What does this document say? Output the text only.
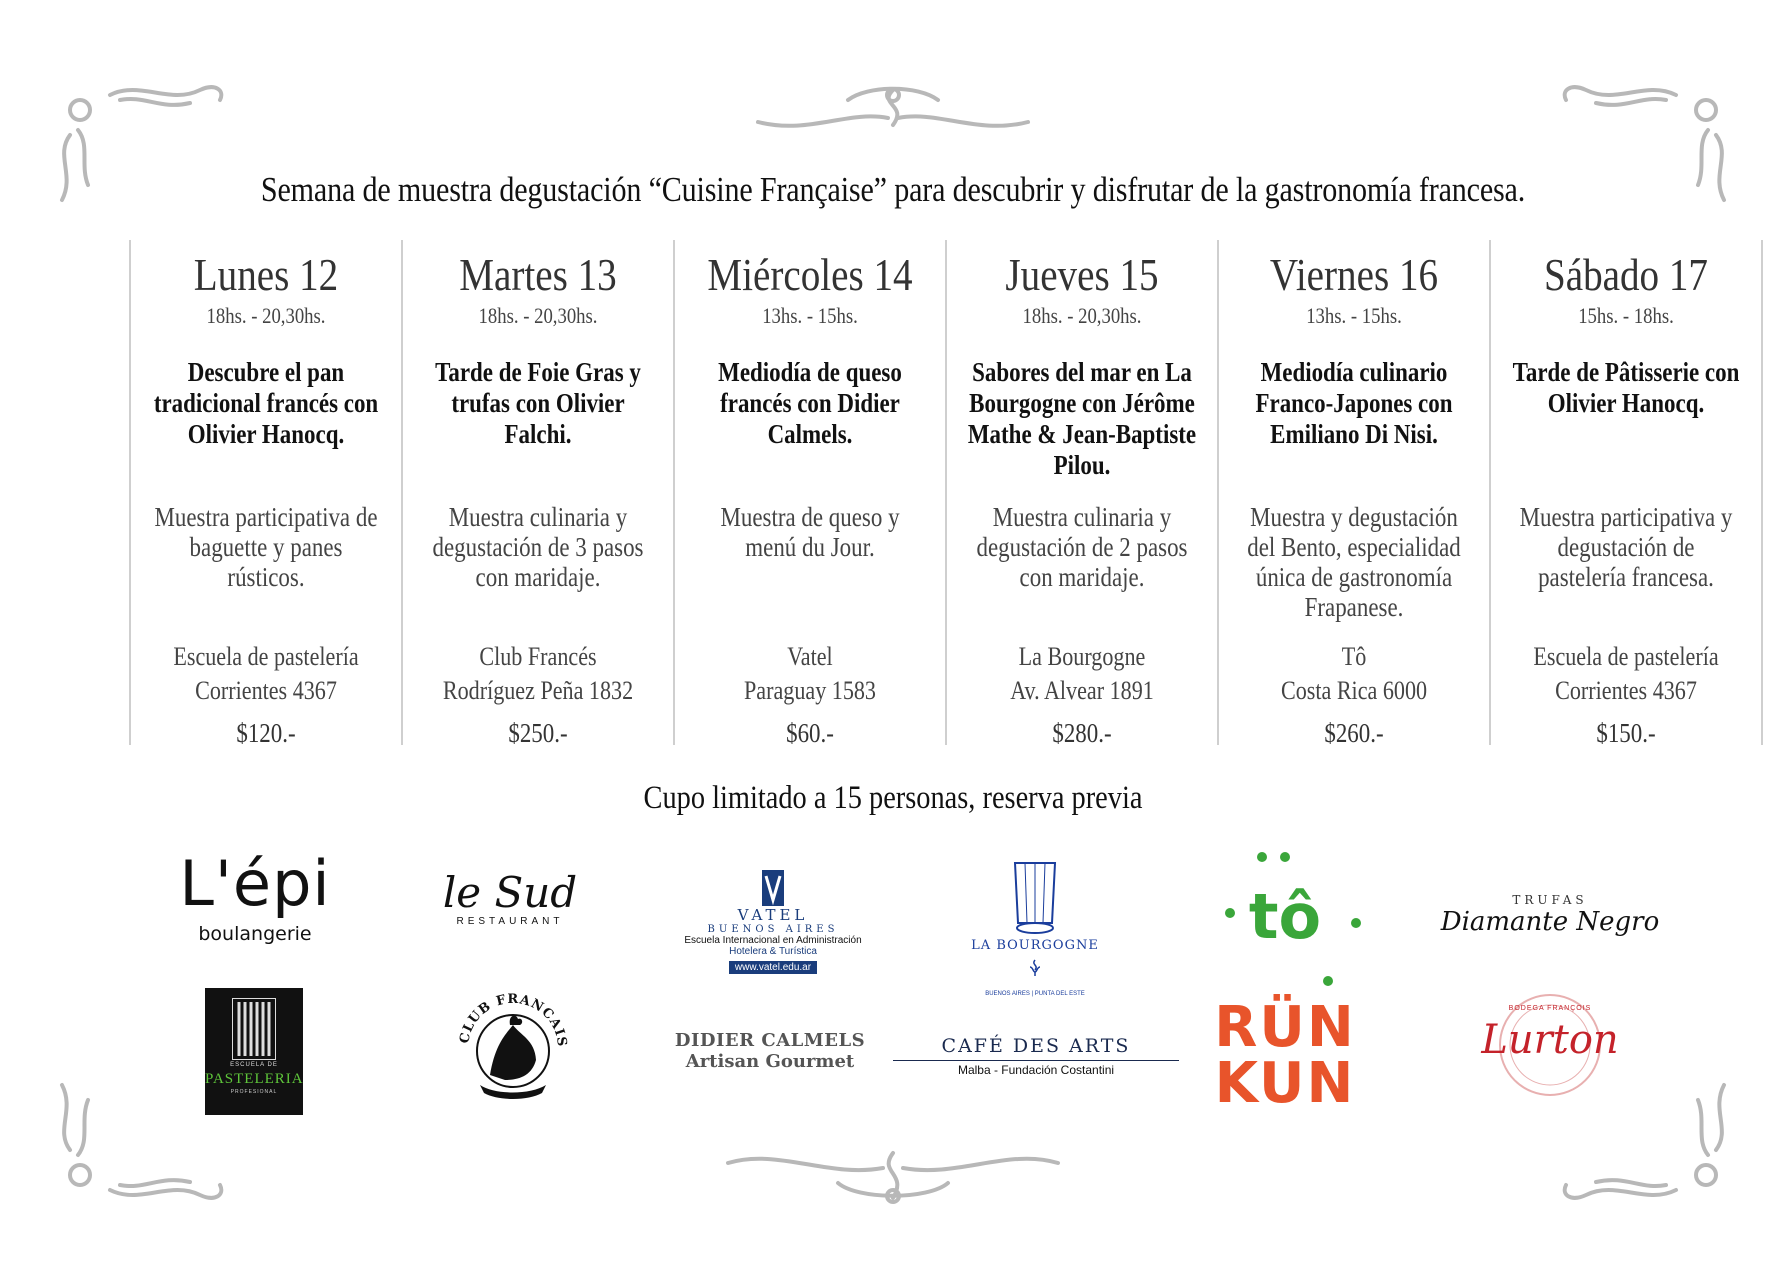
Semana de muestra degustación “Cuisine Française” para descubrir y disfrutar de la gastronomía francesa.
Lunes 12
18hs. - 20,30hs.
Descubre el pan tradicional francés con Olivier Hanocq.
Muestra participativa de baguette y panes rústicos.
Escuela de pastelería
Corrientes 4367
$120.-
Martes 13
18hs. - 20,30hs.
Tarde de Foie Gras y trufas con Olivier Falchi.
Muestra culinaria y degustación de 3 pasos con maridaje.
Club Francés
Rodríguez Peña 1832
$250.-
Miércoles 14
13hs. - 15hs.
Mediodía de queso francés con Didier Calmels.
Muestra de queso y menú du Jour.
Vatel
Paraguay 1583
$60.-
Jueves 15
18hs. - 20,30hs.
Sabores del mar en La Bourgogne con Jérôme Mathe & Jean-Baptiste Pilou.
Muestra culinaria y degustación de 2 pasos con maridaje.
La Bourgogne
Av. Alvear 1891
$280.-
Viernes 16
13hs. - 15hs.
Mediodía culinario Franco-Japones con Emiliano Di Nisi.
Muestra y degustación del Bento, especialidad única de gastronomía Frapanese.
Tô
Costa Rica 6000
$260.-
Sábado 17
15hs. - 18hs.
Tarde de Pâtisserie con Olivier Hanocq.
Muestra participativa y degustación de pastelería francesa.
Escuela de pastelería
Corrientes 4367
$150.-
Cupo limitado a 15 personas, reserva previa
L'épi
boulangerie
le Sud
RESTAURANT	VATEL
BUENOS AIRES
Escuela Internacional en Administración
Hotelera & Turística
www.vatel.edu.ar
LA BOURGOGNE
BUENOS AIRES | PUNTA DEL ESTE
tô	TRUFAS
Diamante Negro
ESCUELA DE
PASTELERIA
PROFESIONAL
CLUB FRANCAIS	DIDIER CALMELS
Artisan Gourmet
CAFÉ DES ARTS
Malba - Fundación Costantini
RÜN
KUN
BODEGA FRANÇOIS
Lurton
